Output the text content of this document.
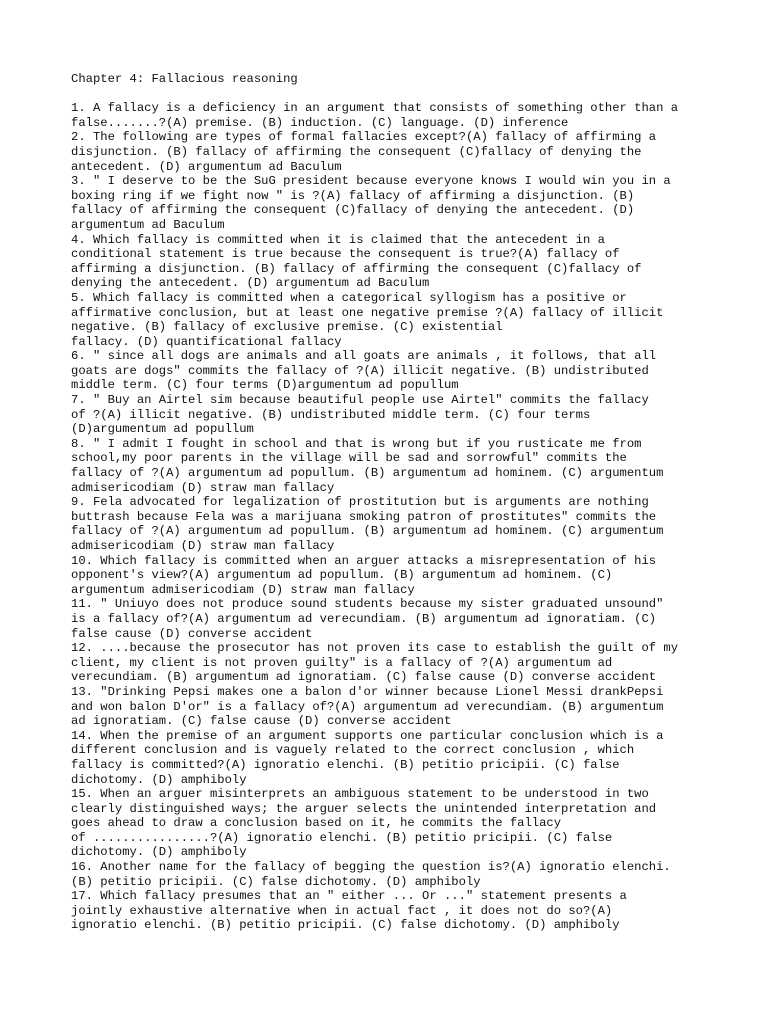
Chapter 4: Fallacious reasoning
1. A fallacy is a deficiency in an argument that consists of something other than a
false.......?(A) premise. (B) induction. (C) language. (D) inference
2. The following are types of formal fallacies except?(A) fallacy of affirming a
disjunction. (B) fallacy of affirming the consequent (C)fallacy of denying the
antecedent. (D) argumentum ad Baculum
3. " I deserve to be the SuG president because everyone knows I would win you in a
boxing ring if we fight now " is ?(A) fallacy of affirming a disjunction. (B)
fallacy of affirming the consequent (C)fallacy of denying the antecedent. (D)
argumentum ad Baculum
4. Which fallacy is committed when it is claimed that the antecedent in a
conditional statement is true because the consequent is true?(A) fallacy of
affirming a disjunction. (B) fallacy of affirming the consequent (C)fallacy of
denying the antecedent. (D) argumentum ad Baculum
5. Which fallacy is committed when a categorical syllogism has a positive or
affirmative conclusion, but at least one negative premise ?(A) fallacy of illicit
negative. (B) fallacy of exclusive premise. (C) existential
fallacy. (D) quantificational fallacy
6. " since all dogs are animals and all goats are animals , it follows, that all
goats are dogs" commits the fallacy of ?(A) illicit negative. (B) undistributed
middle term. (C) four terms (D)argumentum ad popullum
7. " Buy an Airtel sim because beautiful people use Airtel" commits the fallacy
of ?(A) illicit negative. (B) undistributed middle term. (C) four terms
(D)argumentum ad popullum
8. " I admit I fought in school and that is wrong but if you rusticate me from
school,my poor parents in the village will be sad and sorrowful" commits the
fallacy of ?(A) argumentum ad popullum. (B) argumentum ad hominem. (C) argumentum
admisericodiam (D) straw man fallacy
9. Fela advocated for legalization of prostitution but is arguments are nothing
buttrash because Fela was a marijuana smoking patron of prostitutes" commits the
fallacy of ?(A) argumentum ad popullum. (B) argumentum ad hominem. (C) argumentum
admisericodiam (D) straw man fallacy
10. Which fallacy is committed when an arguer attacks a misrepresentation of his
opponent's view?(A) argumentum ad popullum. (B) argumentum ad hominem. (C)
argumentum admisericodiam (D) straw man fallacy
11. " Uniuyo does not produce sound students because my sister graduated unsound"
is a fallacy of?(A) argumentum ad verecundiam. (B) argumentum ad ignoratiam. (C)
false cause (D) converse accident
12. ....because the prosecutor has not proven its case to establish the guilt of my
client, my client is not proven guilty" is a fallacy of ?(A) argumentum ad
verecundiam. (B) argumentum ad ignoratiam. (C) false cause (D) converse accident
13. "Drinking Pepsi makes one a balon d'or winner because Lionel Messi drankPepsi
and won balon D'or" is a fallacy of?(A) argumentum ad verecundiam. (B) argumentum
ad ignoratiam. (C) false cause (D) converse accident
14. When the premise of an argument supports one particular conclusion which is a
different conclusion and is vaguely related to the correct conclusion , which
fallacy is committed?(A) ignoratio elenchi. (B) petitio pricipii. (C) false
dichotomy. (D) amphiboly
15. When an arguer misinterprets an ambiguous statement to be understood in two
clearly distinguished ways; the arguer selects the unintended interpretation and
goes ahead to draw a conclusion based on it, he commits the fallacy
of ................?(A) ignoratio elenchi. (B) petitio pricipii. (C) false
dichotomy. (D) amphiboly
16. Another name for the fallacy of begging the question is?(A) ignoratio elenchi.
(B) petitio pricipii. (C) false dichotomy. (D) amphiboly
17. Which fallacy presumes that an " either ... Or ..." statement presents a
jointly exhaustive alternative when in actual fact , it does not do so?(A)
ignoratio elenchi. (B) petitio pricipii. (C) false dichotomy. (D) amphiboly
